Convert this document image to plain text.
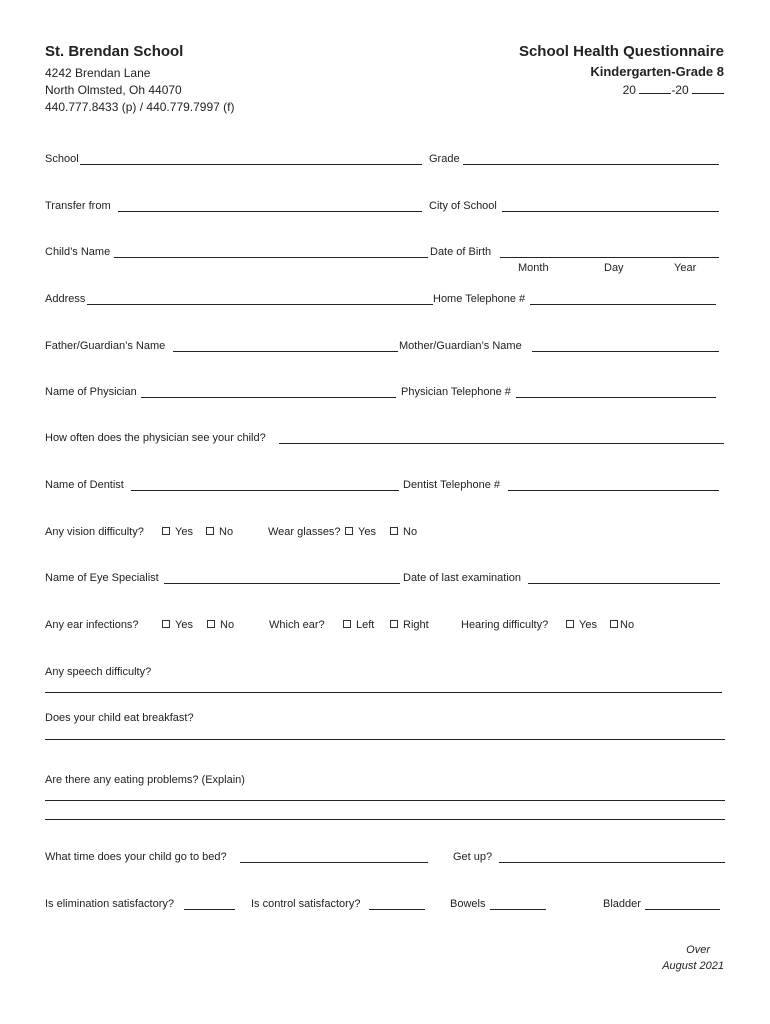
St. Brendan School
4242 Brendan Lane
North Olmsted, Oh 44070
440.777.8433 (p) / 440.779.7997 (f)
School Health Questionnaire
Kindergarten-Grade 8
20	-20
School	Grade
Transfer from	City of School
Child’s Name	Date of Birth
Month	Day	Year
Address	Home Telephone #
Father/Guardian’s Name	Mother/Guardian’s Name
Name of Physician	Physician Telephone #
How often does the physician see your child?
Name of Dentist	Dentist Telephone #
Any vision difficulty?	Yes	No	Wear glasses?	Yes	No
Name of Eye Specialist	Date of last examination
Any ear infections?	Yes	No	Which ear?	Left	Right	Hearing difficulty?	Yes	No
Any speech difficulty?
Does your child eat breakfast?
Are there any eating problems? (Explain)
What time does your child go to bed?	Get up?
Is elimination satisfactory?	Is control satisfactory?	Bowels	Bladder
Over
August 2021
